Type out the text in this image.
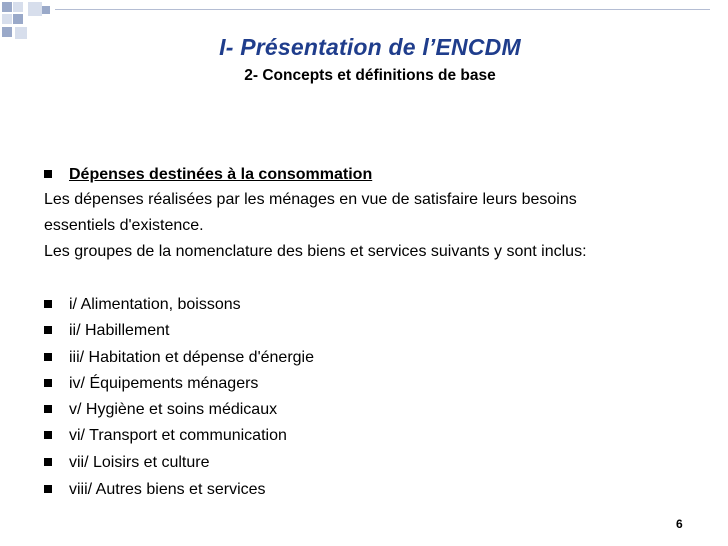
I- Présentation de l’ENCDM
2- Concepts et définitions de base
Dépenses destinées à la consommation

Les dépenses réalisées par les ménages en vue de satisfaire leurs besoins

essentiels d'existence.

Les groupes de la nomenclature des biens et services suivants y sont inclus:

i/ Alimentation, boissons
ii/ Habillement
iii/ Habitation et dépense d'énergie
iv/ Équipements ménagers
v/ Hygiène et soins médicaux
vi/ Transport et communication
vii/ Loisirs et culture
viii/ Autres biens et services
6
